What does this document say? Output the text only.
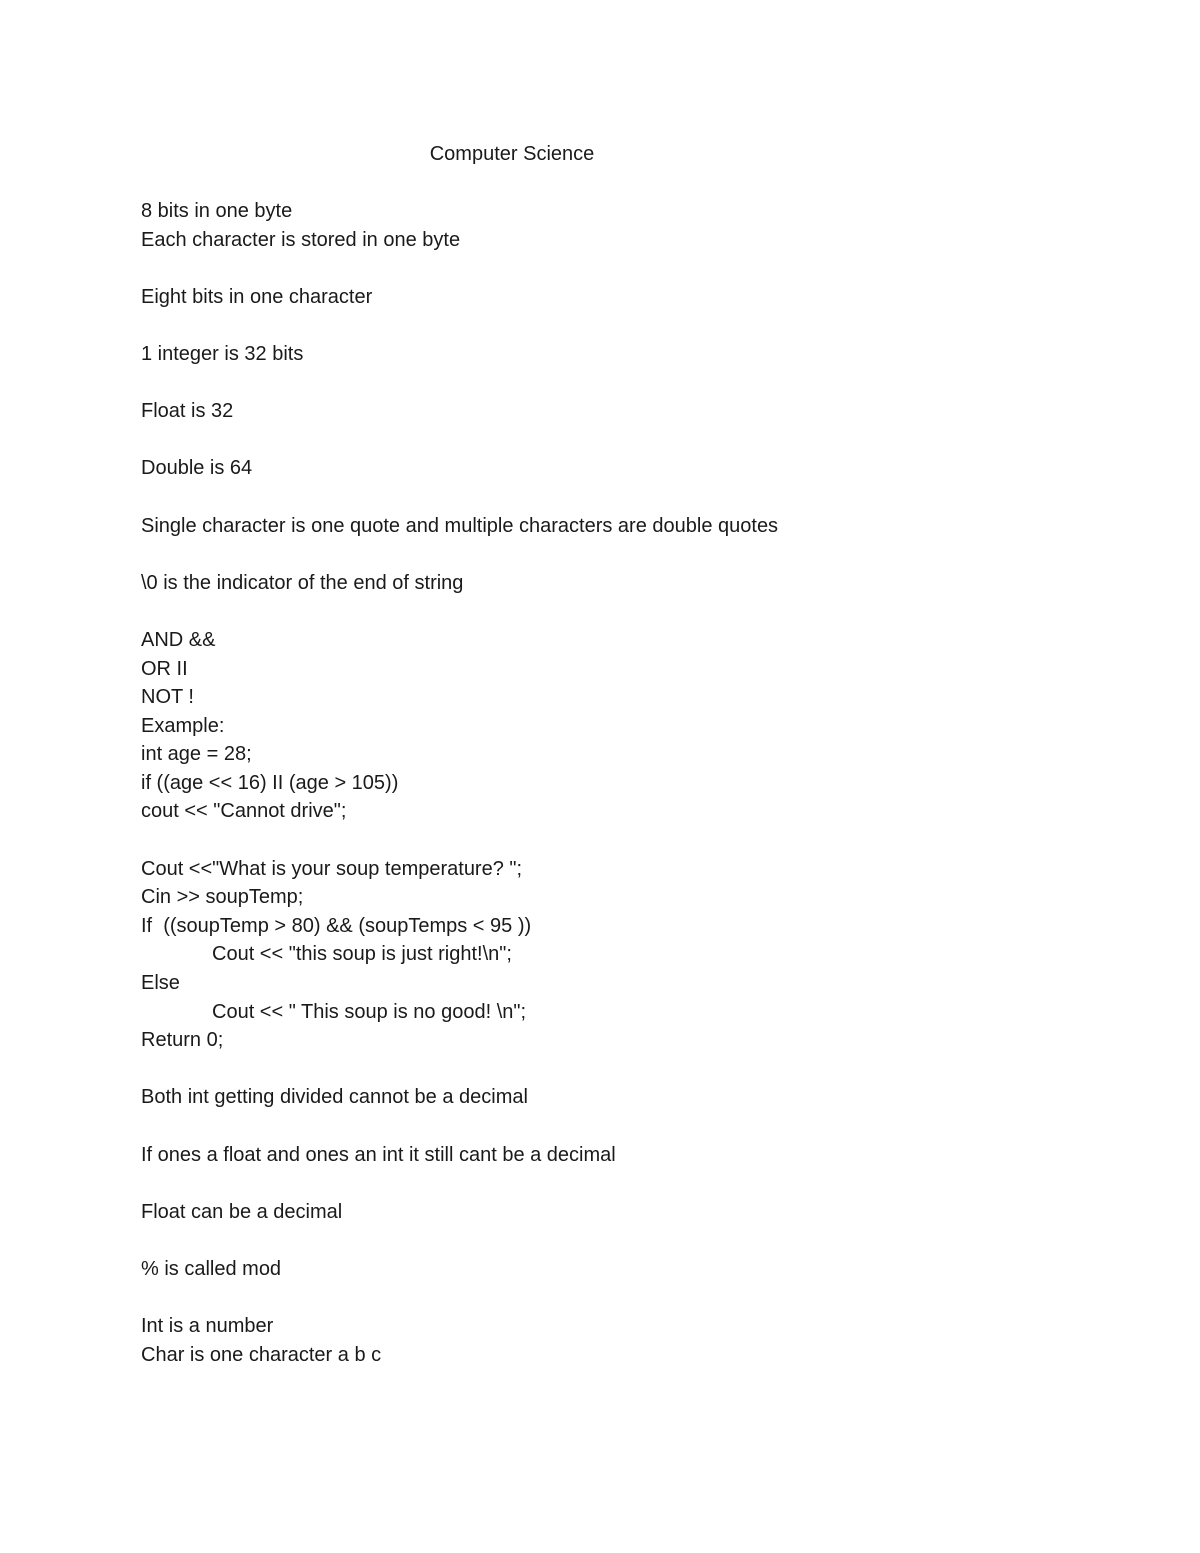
Computer Science
8 bits in one byte
Each character is stored in one byte
Eight bits in one character
1 integer is 32 bits
Float is 32
Double is 64
Single character is one quote and multiple characters are double quotes
\0 is the indicator of the end of string
AND &&
OR II
NOT !
Example:
int age = 28;
if ((age << 16) II (age > 105))
cout << "Cannot drive";
Cout <<"What is your soup temperature? ";
Cin >> soupTemp;
If  ((soupTemp > 80) && (soupTemps < 95 ))
Cout << "this soup is just right!\n";
Else
Cout << " This soup is no good! \n";
Return 0;
Both int getting divided cannot be a decimal
If ones a float and ones an int it still cant be a decimal
Float can be a decimal
% is called mod
Int is a number
Char is one character a b c
